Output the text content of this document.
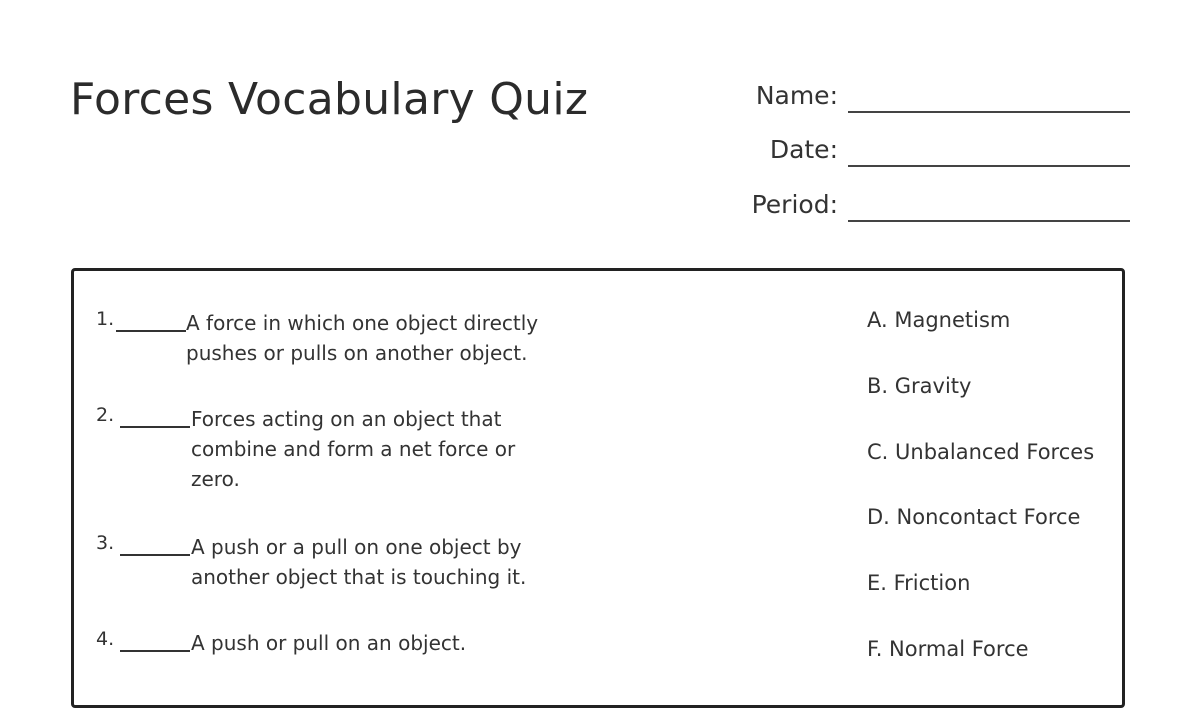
Forces Vocabulary Quiz	Name:
Date:
Period:
1.	A force in which one object directly pushes or pulls on another object.
2.	Forces acting on an object that combine and form a net force or zero.
3.	A push or a pull on one object by another object that is touching it.
4.	A push or pull on an object.
A. Magnetism
B. Gravity
C. Unbalanced Forces
D. Noncontact Force
E. Friction
F. Normal Force
